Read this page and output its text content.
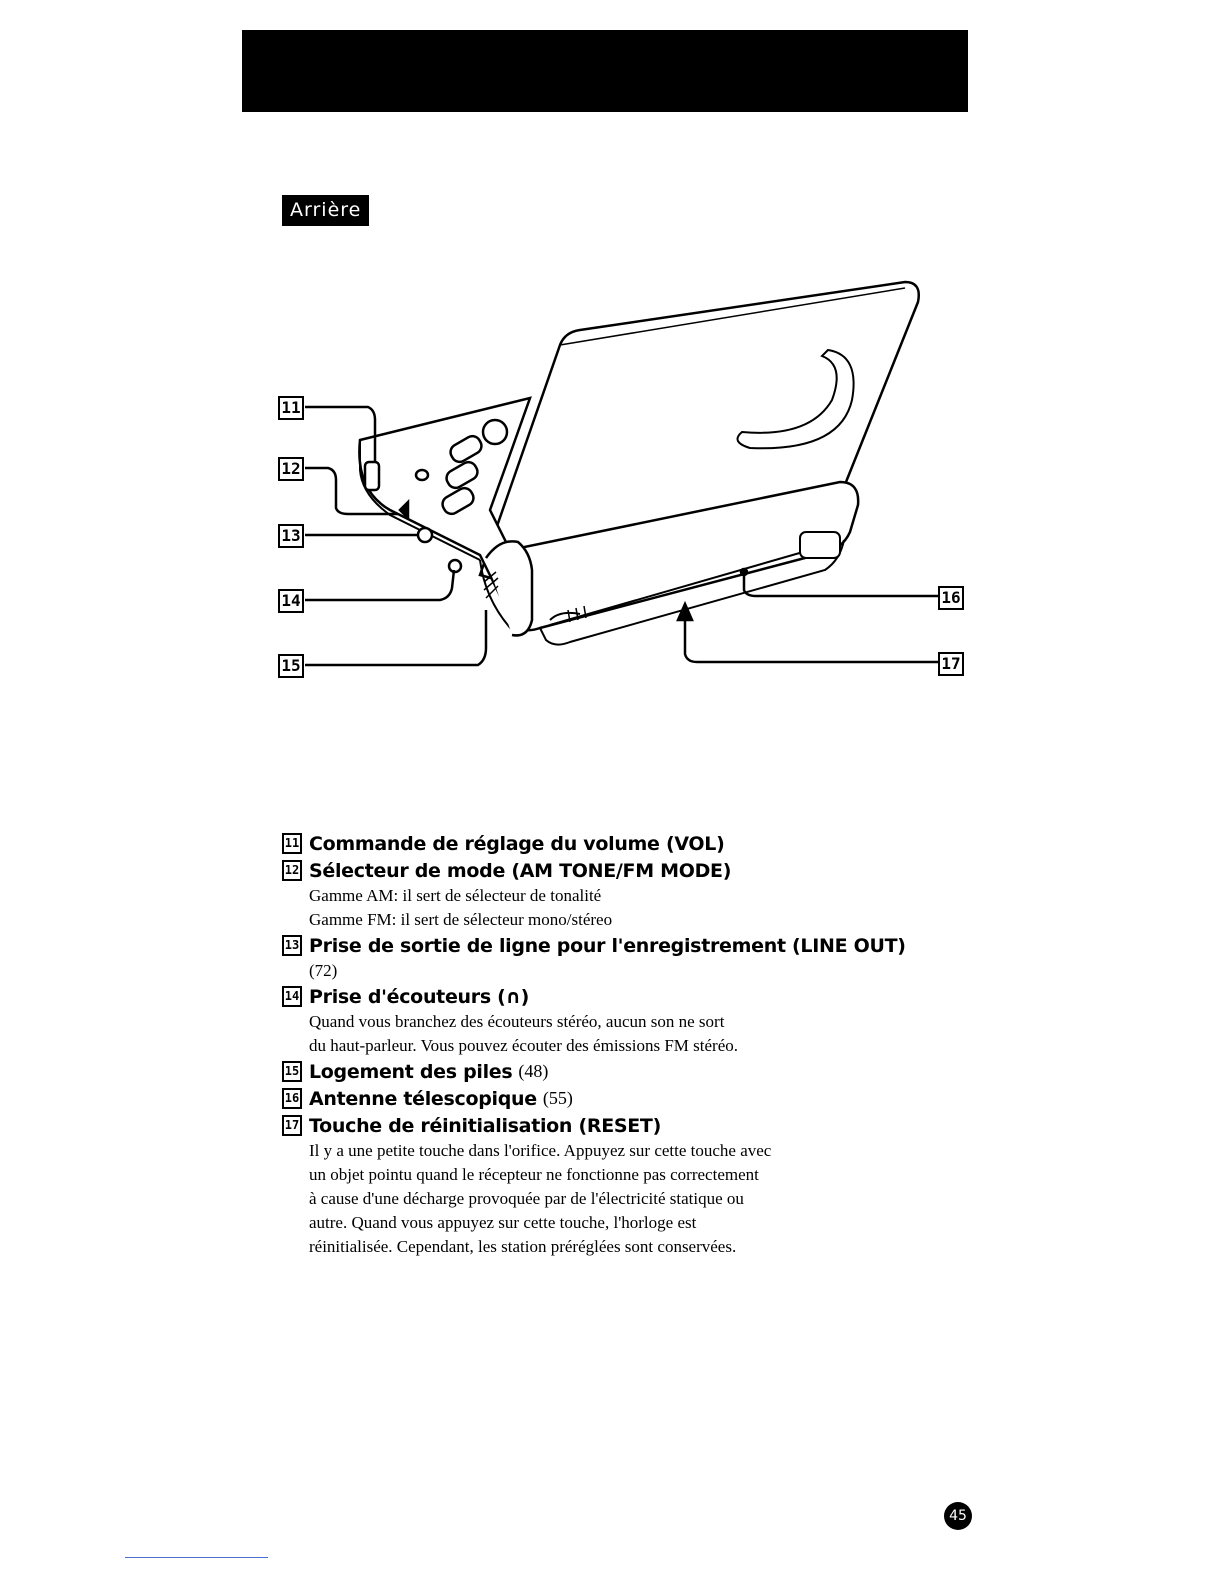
Arrière
11
12
13
14
15
16
17
11 Commande de réglage du volume (VOL)
12 Sélecteur de mode (AM TONE/FM MODE)
Gamme AM: il sert de sélecteur de tonalité
Gamme FM: il sert de sélecteur mono/stéreo
13 Prise de sortie de ligne pour l'enregistrement (LINE OUT)
(72)
14 Prise d'écouteurs (∩)
Quand vous branchez des écouteurs stéréo, aucun son ne sort
du haut-parleur. Vous pouvez écouter des émissions FM stéréo.
15 Logement des piles (48)
16 Antenne télescopique (55)
17 Touche de réinitialisation (RESET)
Il y a une petite touche dans l'orifice. Appuyez sur cette touche avec
un objet pointu quand le récepteur ne fonctionne pas correctement
à cause d'une décharge provoquée par de l'électricité statique ou
autre. Quand vous appuyez sur cette touche, l'horloge est
réinitialisée. Cependant, les station préréglées sont conservées.
45
